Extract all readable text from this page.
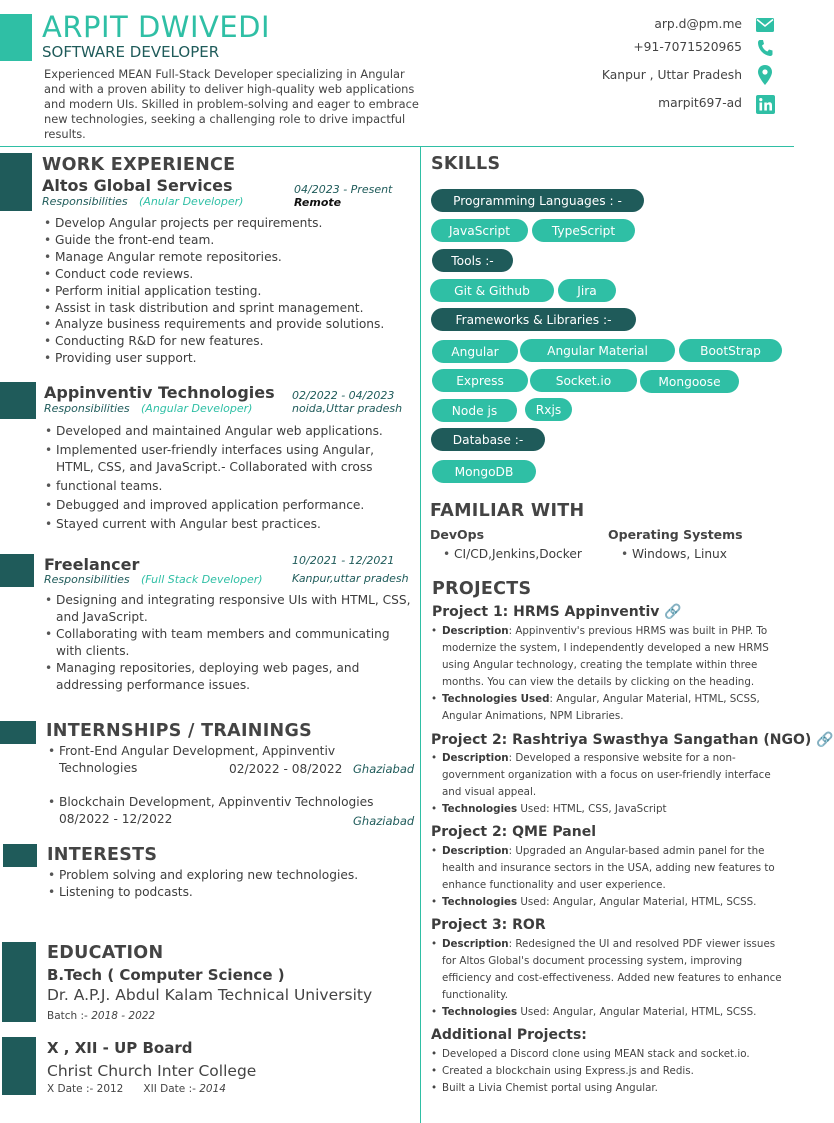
ARPIT DWIVEDI
SOFTWARE DEVELOPER
Experienced MEAN Full-Stack Developer specializing in Angular and with a proven ability to deliver high-quality web applications and modern UIs. Skilled in problem-solving and eager to embrace new technologies, seeking a challenging role to drive impactful results.
arp.d@pm.me
+91-7071520965
Kanpur , Uttar Pradesh
marpit697-ad
WORK EXPERIENCE
Altos Global Services
Responsibilities (Anular Developer)
04/2023 - Present
Remote
• Develop Angular projects per requirements.
• Guide the front-end team.
• Manage Angular remote repositories.
• Conduct code reviews.
• Perform initial application testing.
• Assist in task distribution and sprint management.
• Analyze business requirements and provide solutions.
• Conducting R&D for new features.
• Providing user support.
Appinventiv Technologies
Responsibilities (Angular Developer)
02/2022 - 04/2023
noida,Uttar pradesh
• Developed and maintained Angular web applications.
• Implemented user-friendly interfaces using Angular, HTML, CSS, and JavaScript.- Collaborated with cross
• functional teams.
• Debugged and improved application performance.
• Stayed current with Angular best practices.
Freelancer
Responsibilities (Full Stack Developer)
10/2021 - 12/2021
Kanpur,uttar pradesh
• Designing and integrating responsive UIs with HTML, CSS, and JavaScript.
• Collaborating with team members and communicating with clients.
• Managing repositories, deploying web pages, and addressing performance issues.
INTERNSHIPS / TRAININGS
• Front-End Angular Development, Appinventiv
Technologies	02/2022 - 08/2022 Ghaziabad
• Blockchain Development, Appinventiv Technologies
08/2022 - 12/2022	Ghaziabad
INTERESTS
• Problem solving and exploring new technologies.
• Listening to podcasts.
EDUCATION
B.Tech ( Computer Science )
Dr. A.P.J. Abdul Kalam Technical University
Batch :- 2018 - 2022
X , XII - UP Board
Christ Church Inter College
X Date :- 2012 XII Date :- 2014
SKILLS
Programming Languages : -
JavaScript	TypeScript
Tools :-
Git & Github	Jira
Frameworks & Libraries :-
Angular	Angular Material	BootStrap
Express	Socket.io	Mongoose
Node js	Rxjs
Database :-
MongoDB
FAMILIAR WITH
DevOps
• CI/CD,Jenkins,Docker
Operating Systems
• Windows, Linux
PROJECTS
Project 1: HRMS Appinventiv 🔗
• Description: Appinventiv's previous HRMS was built in PHP. To modernize the system, I independently developed a new HRMS using Angular technology, creating the template within three months. You can view the details by clicking on the heading.
• Technologies Used: Angular, Angular Material, HTML, SCSS, Angular Animations, NPM Libraries.
Project 2: Rashtriya Swasthya Sangathan (NGO) 🔗
• Description: Developed a responsive website for a non-government organization with a focus on user-friendly interface and visual appeal.
• Technologies Used: HTML, CSS, JavaScript
Project 2: QME Panel
• Description: Upgraded an Angular-based admin panel for the health and insurance sectors in the USA, adding new features to enhance functionality and user experience.
• Technologies Used: Angular, Angular Material, HTML, SCSS.
Project 3: ROR
• Description: Redesigned the UI and resolved PDF viewer issues for Altos Global's document processing system, improving efficiency and cost-effectiveness. Added new features to enhance functionality.
• Technologies Used: Angular, Angular Material, HTML, SCSS.
Additional Projects:
• Developed a Discord clone using MEAN stack and socket.io.
• Created a blockchain using Express.js and Redis.
• Built a Livia Chemist portal using Angular.
